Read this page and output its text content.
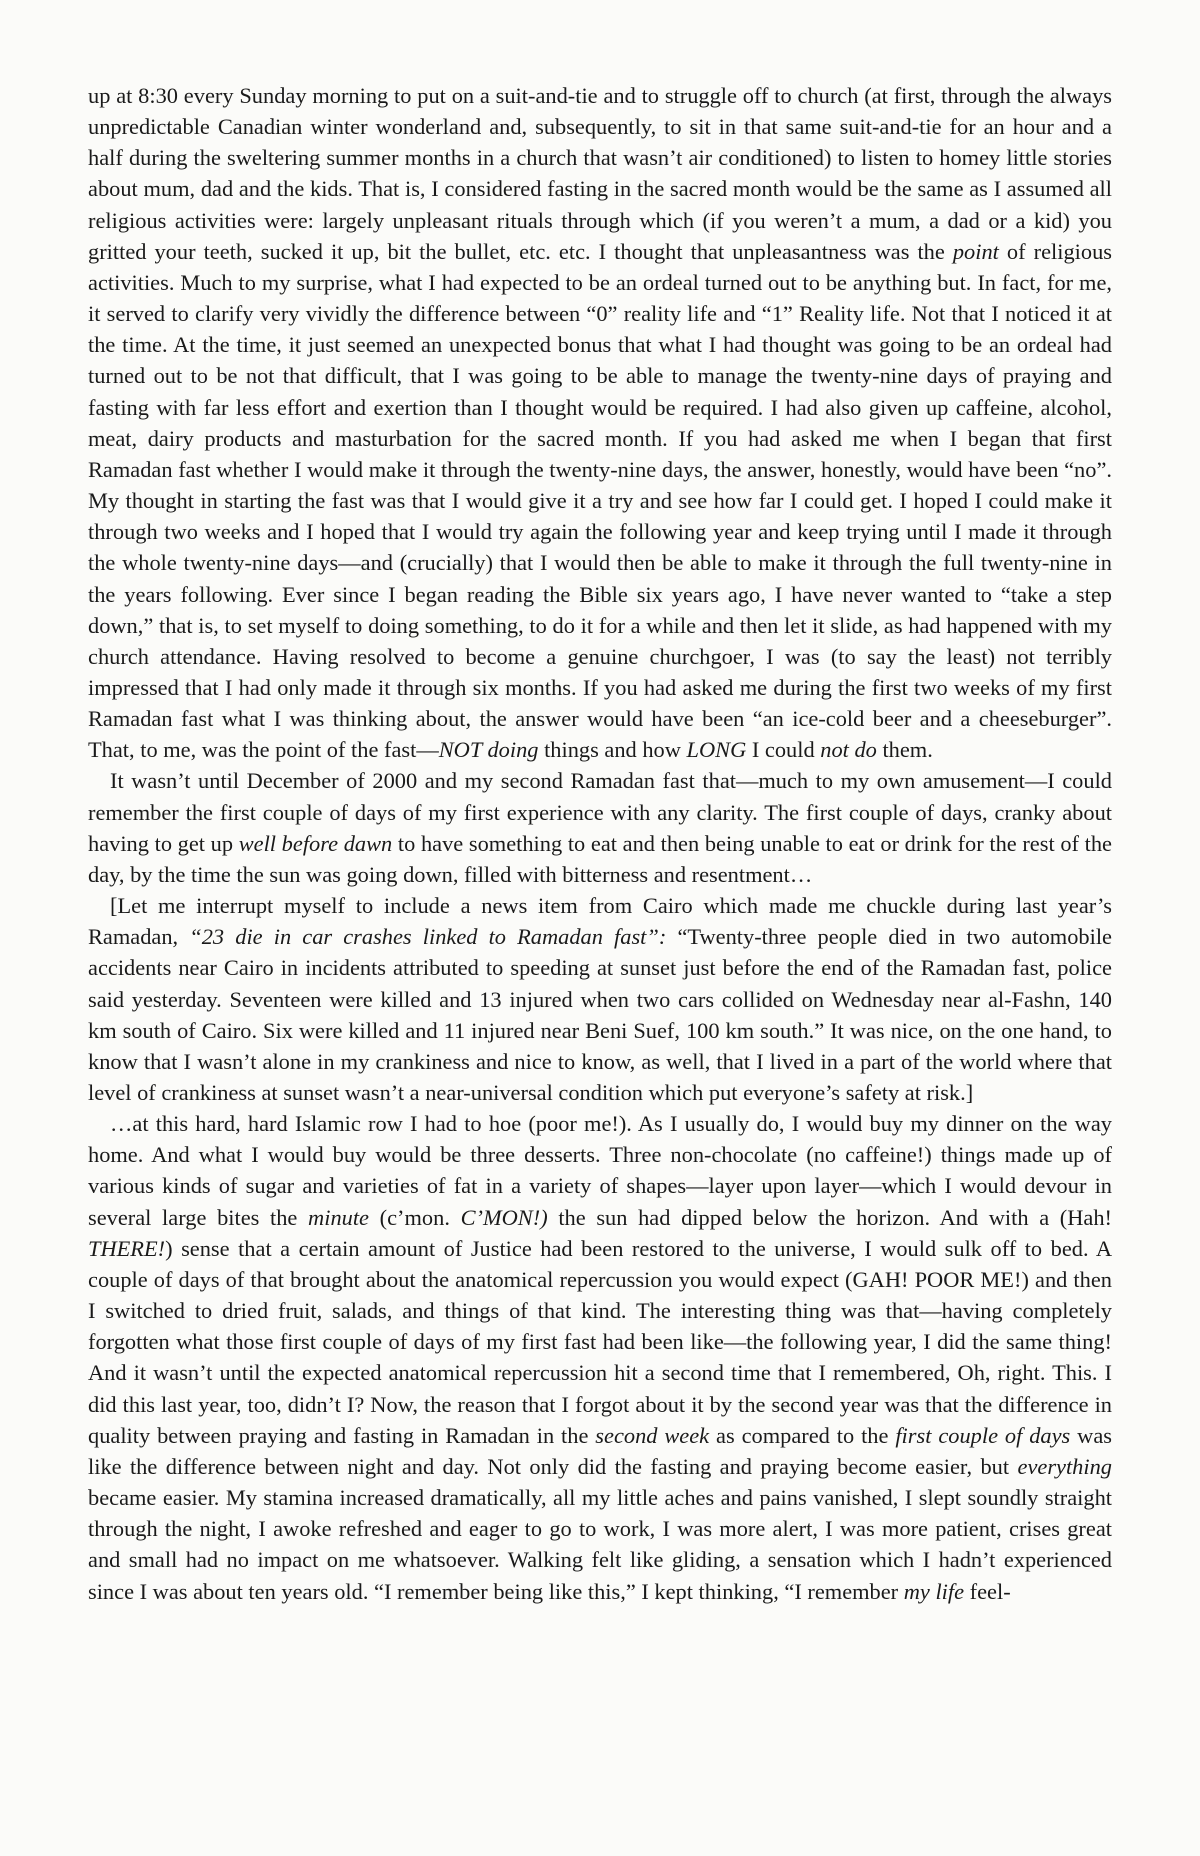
up at 8:30 every Sunday morning to put on a suit-and-tie and to struggle off to church (at first, through the always unpredictable Canadian winter wonderland and, subsequently, to sit in that same suit-and-tie for an hour and a half during the sweltering summer months in a church that wasn’t air conditioned) to listen to homey little stories about mum, dad and the kids. That is, I considered fasting in the sacred month would be the same as I assumed all religious activities were: largely unpleasant rituals through which (if you weren’t a mum, a dad or a kid) you gritted your teeth, sucked it up, bit the bullet, etc. etc. I thought that unpleasantness was the point of religious activities. Much to my surprise, what I had expected to be an ordeal turned out to be anything but. In fact, for me, it served to clarify very vividly the difference between “0” reality life and “1” Reality life. Not that I noticed it at the time. At the time, it just seemed an unexpected bonus that what I had thought was going to be an ordeal had turned out to be not that difficult, that I was going to be able to manage the twenty-nine days of praying and fasting with far less effort and exertion than I thought would be required. I had also given up caffeine, alcohol, meat, dairy products and masturbation for the sacred month. If you had asked me when I began that first Ramadan fast whether I would make it through the twenty-nine days, the answer, honestly, would have been “no”. My thought in starting the fast was that I would give it a try and see how far I could get. I hoped I could make it through two weeks and I hoped that I would try again the following year and keep trying until I made it through the whole twenty-nine days—and (crucially) that I would then be able to make it through the full twenty-nine in the years following. Ever since I began reading the Bible six years ago, I have never wanted to “take a step down,” that is, to set myself to doing something, to do it for a while and then let it slide, as had happened with my church attendance. Having resolved to become a genuine churchgoer, I was (to say the least) not terribly impressed that I had only made it through six months. If you had asked me during the first two weeks of my first Ramadan fast what I was thinking about, the answer would have been “an ice-cold beer and a cheeseburger”. That, to me, was the point of the fast—NOT doing things and how LONG I could not do them.

It wasn’t until December of 2000 and my second Ramadan fast that—much to my own amusement—I could remember the first couple of days of my first experience with any clarity. The first couple of days, cranky about having to get up well before dawn to have something to eat and then being unable to eat or drink for the rest of the day, by the time the sun was going down, filled with bitterness and resentment…

[Let me interrupt myself to include a news item from Cairo which made me chuckle during last year’s Ramadan, “23 die in car crashes linked to Ramadan fast”: “Twenty-three people died in two automobile accidents near Cairo in incidents attributed to speeding at sunset just before the end of the Ramadan fast, police said yesterday. Seventeen were killed and 13 injured when two cars collided on Wednesday near al-Fashn, 140 km south of Cairo. Six were killed and 11 injured near Beni Suef, 100 km south.” It was nice, on the one hand, to know that I wasn’t alone in my crankiness and nice to know, as well, that I lived in a part of the world where that level of crankiness at sunset wasn’t a near-universal condition which put everyone’s safety at risk.]

…at this hard, hard Islamic row I had to hoe (poor me!). As I usually do, I would buy my dinner on the way home. And what I would buy would be three desserts. Three non-chocolate (no caffeine!) things made up of various kinds of sugar and varieties of fat in a variety of shapes—layer upon layer—which I would devour in several large bites the minute (c’mon. C’MON!) the sun had dipped below the horizon. And with a (Hah! THERE!) sense that a certain amount of Justice had been restored to the universe, I would sulk off to bed. A couple of days of that brought about the anatomical repercussion you would expect (GAH! POOR ME!) and then I switched to dried fruit, salads, and things of that kind. The interesting thing was that—having completely forgotten what those first couple of days of my first fast had been like—the following year, I did the same thing! And it wasn’t until the expected anatomical repercussion hit a second time that I remembered, Oh, right. This. I did this last year, too, didn’t I? Now, the reason that I forgot about it by the second year was that the difference in quality between praying and fasting in Ramadan in the second week as compared to the first couple of days was like the difference between night and day. Not only did the fasting and praying become easier, but everything became easier. My stamina increased dramatically, all my little aches and pains vanished, I slept soundly straight through the night, I awoke refreshed and eager to go to work, I was more alert, I was more patient, crises great and small had no impact on me whatsoever. Walking felt like gliding, a sensation which I hadn’t experienced since I was about ten years old. “I remember being like this,” I kept thinking, “I remember my life feel-
